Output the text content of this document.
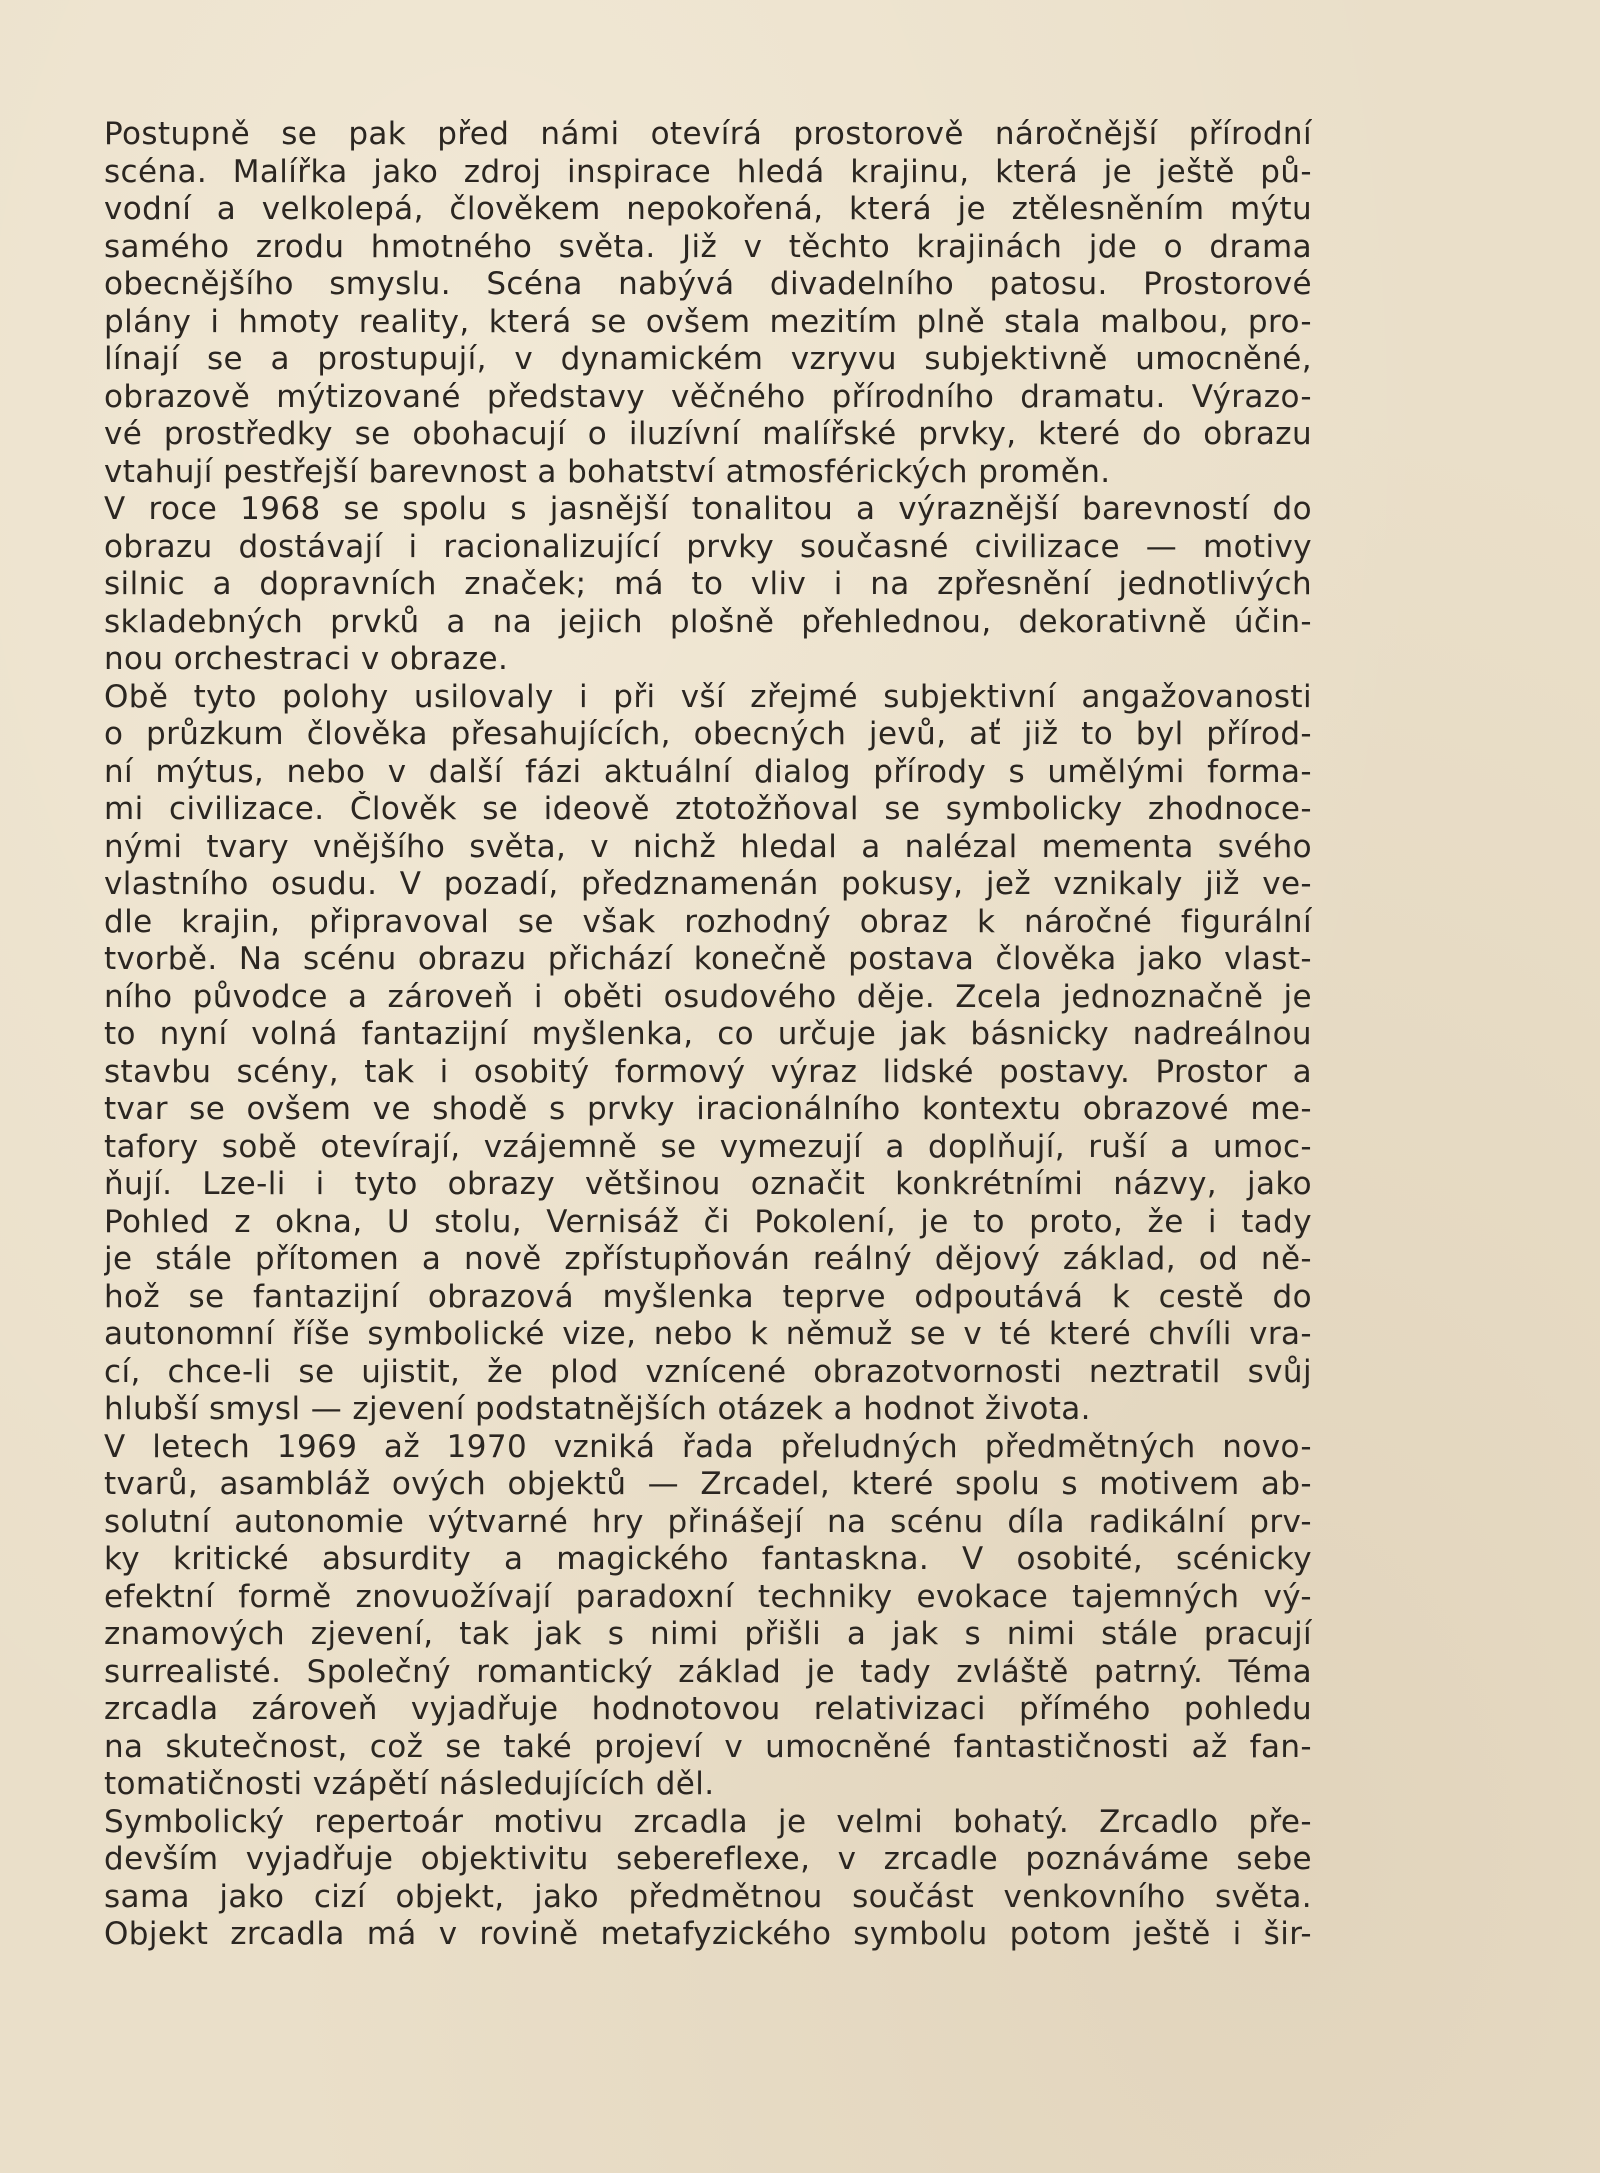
Postupně se pak před námi otevírá prostorově náročnější přírodní
scéna. Malířka jako zdroj inspirace hledá krajinu, která je ještě pů-
vodní a velkolepá, člověkem nepokořená, která je ztělesněním mýtu
samého zrodu hmotného světa. Již v těchto krajinách jde o drama
obecnějšího smyslu. Scéna nabývá divadelního patosu. Prostorové
plány i hmoty reality, která se ovšem mezitím plně stala malbou, pro-
línají se a prostupují, v dynamickém vzryvu subjektivně umocněné,
obrazově mýtizované představy věčného přírodního dramatu. Výrazo-
vé prostředky se obohacují o iluzívní malířské prvky, které do obrazu
vtahují pestřejší barevnost a bohatství atmosférických proměn.
V roce 1968 se spolu s jasnější tonalitou a výraznější barevností do
obrazu dostávají i racionalizující prvky současné civilizace — motivy
silnic a dopravních značek; má to vliv i na zpřesnění jednotlivých
skladebných prvků a na jejich plošně přehlednou, dekorativně účin-
nou orchestraci v obraze.
Obě tyto polohy usilovaly i při vší zřejmé subjektivní angažovanosti
o průzkum člověka přesahujících, obecných jevů, ať již to byl přírod-
ní mýtus, nebo v další fázi aktuální dialog přírody s umělými forma-
mi civilizace. Člověk se ideově ztotožňoval se symbolicky zhodnoce-
nými tvary vnějšího světa, v nichž hledal a nalézal mementa svého
vlastního osudu. V pozadí, předznamenán pokusy, jež vznikaly již ve-
dle krajin, připravoval se však rozhodný obraz k náročné figurální
tvorbě. Na scénu obrazu přichází konečně postava člověka jako vlast-
ního původce a zároveň i oběti osudového děje. Zcela jednoznačně je
to nyní volná fantazijní myšlenka, co určuje jak básnicky nadreálnou
stavbu scény, tak i osobitý formový výraz lidské postavy. Prostor a
tvar se ovšem ve shodě s prvky iracionálního kontextu obrazové me-
tafory sobě otevírají, vzájemně se vymezují a doplňují, ruší a umoc-
ňují. Lze-li i tyto obrazy většinou označit konkrétními názvy, jako
Pohled z okna, U stolu, Vernisáž či Pokolení, je to proto, že i tady
je stále přítomen a nově zpřístupňován reálný dějový základ, od ně-
hož se fantazijní obrazová myšlenka teprve odpoutává k cestě do
autonomní říše symbolické vize, nebo k němuž se v té které chvíli vra-
cí, chce-li se ujistit, že plod vznícené obrazotvornosti neztratil svůj
hlubší smysl — zjevení podstatnějších otázek a hodnot života.
V letech 1969 až 1970 vzniká řada přeludných předmětných novo-
tvarů, asambláž ových objektů — Zrcadel, které spolu s motivem ab-
solutní autonomie výtvarné hry přinášejí na scénu díla radikální prv-
ky kritické absurdity a magického fantaskna. V osobité, scénicky
efektní formě znovuožívají paradoxní techniky evokace tajemných vý-
znamových zjevení, tak jak s nimi přišli a jak s nimi stále pracují
surrealisté. Společný romantický základ je tady zvláště patrný. Téma
zrcadla zároveň vyjadřuje hodnotovou relativizaci přímého pohledu
na skutečnost, což se také projeví v umocněné fantastičnosti až fan-
tomatičnosti vzápětí následujících děl.
Symbolický repertoár motivu zrcadla je velmi bohatý. Zrcadlo pře-
devším vyjadřuje objektivitu sebereflexe, v zrcadle poznáváme sebe
sama jako cizí objekt, jako předmětnou součást venkovního světa.
Objekt zrcadla má v rovině metafyzického symbolu potom ještě i šir-
